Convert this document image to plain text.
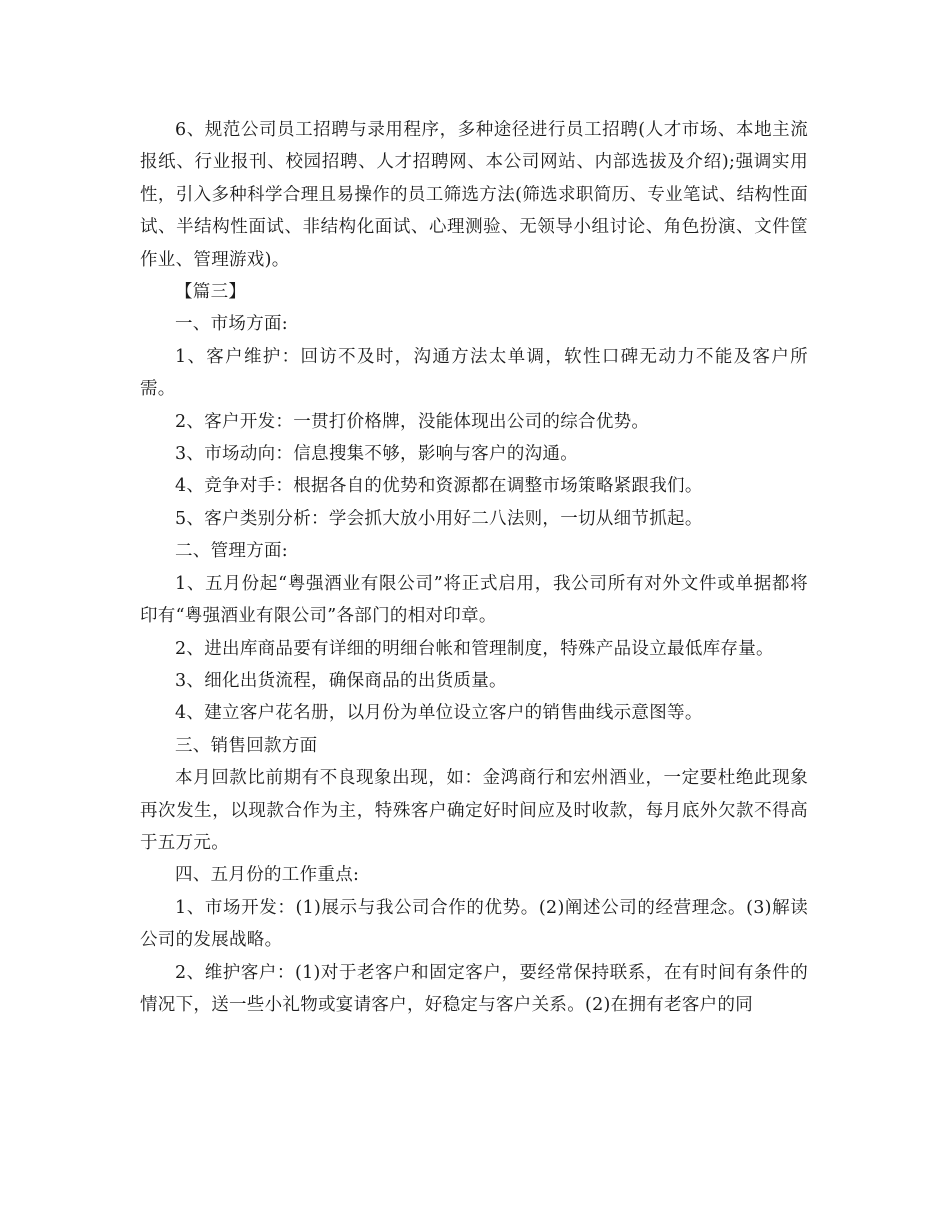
6、规范公司员工招聘与录用程序，多种途径进行员工招聘(人才市场、本地主流报纸、行业报刊、校园招聘、人才招聘网、本公司网站、内部选拔及介绍);强调实用性，引入多种科学合理且易操作的员工筛选方法(筛选求职简历、专业笔试、结构性面试、半结构性面试、非结构化面试、心理测验、无领导小组讨论、角色扮演、文件筐作业、管理游戏)。

【篇三】

一、市场方面:

1、客户维护：回访不及时，沟通方法太单调，软性口碑无动力不能及客户所需。

2、客户开发：一贯打价格牌，没能体现出公司的综合优势。

3、市场动向：信息搜集不够，影响与客户的沟通。

4、竞争对手：根据各自的优势和资源都在调整市场策略紧跟我们。

5、客户类别分析：学会抓大放小用好二八法则，一切从细节抓起。

二、管理方面:

1、五月份起“粤强酒业有限公司”将正式启用，我公司所有对外文件或单据都将印有“粤强酒业有限公司”各部门的相对印章。

2、进出库商品要有详细的明细台帐和管理制度，特殊产品设立最低库存量。

3、细化出货流程，确保商品的出货质量。

4、建立客户花名册，以月份为单位设立客户的销售曲线示意图等。

三、销售回款方面

本月回款比前期有不良现象出现，如：金鸿商行和宏州酒业，一定要杜绝此现象再次发生，以现款合作为主，特殊客户确定好时间应及时收款，每月底外欠款不得高于五万元。

四、五月份的工作重点:

1、市场开发：(1)展示与我公司合作的优势。(2)阐述公司的经营理念。(3)解读公司的发展战略。

2、维护客户：(1)对于老客户和固定客户，要经常保持联系，在有时间有条件的情况下，送一些小礼物或宴请客户，好稳定与客户关系。(2)在拥有老客户的同
